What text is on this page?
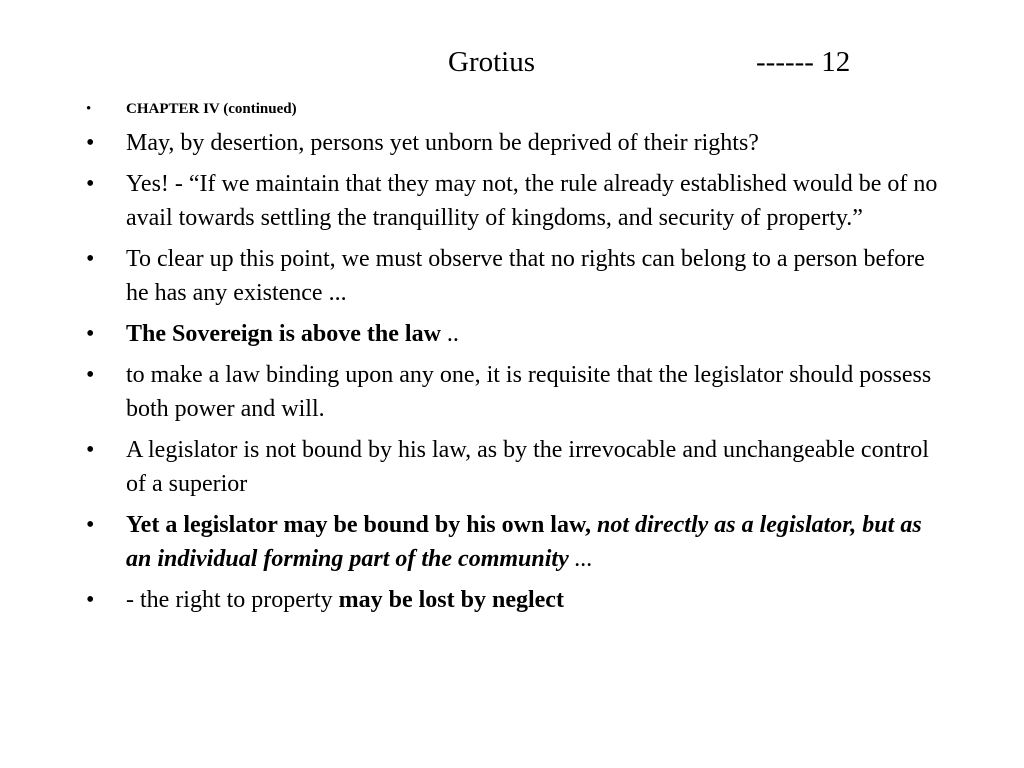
Grotius	------ 12
• CHAPTER IV (continued)
• May, by desertion, persons yet unborn be deprived of their rights?
• Yes! - “If we maintain that they may not, the rule already established would be of no avail towards settling the tranquillity of kingdoms, and security of property.”
• To clear up this point, we must observe that no rights can belong to a person before he has any existence ...
• The Sovereign is above the law ..
• to make a law binding upon any one, it is requisite that the legislator should possess both power and will.
• A legislator is not bound by his law, as by the irrevocable and unchangeable control of a superior
• Yet a legislator may be bound by his own law, not directly as a legislator, but as an individual forming part of the community ...
• - the right to property may be lost by neglect
